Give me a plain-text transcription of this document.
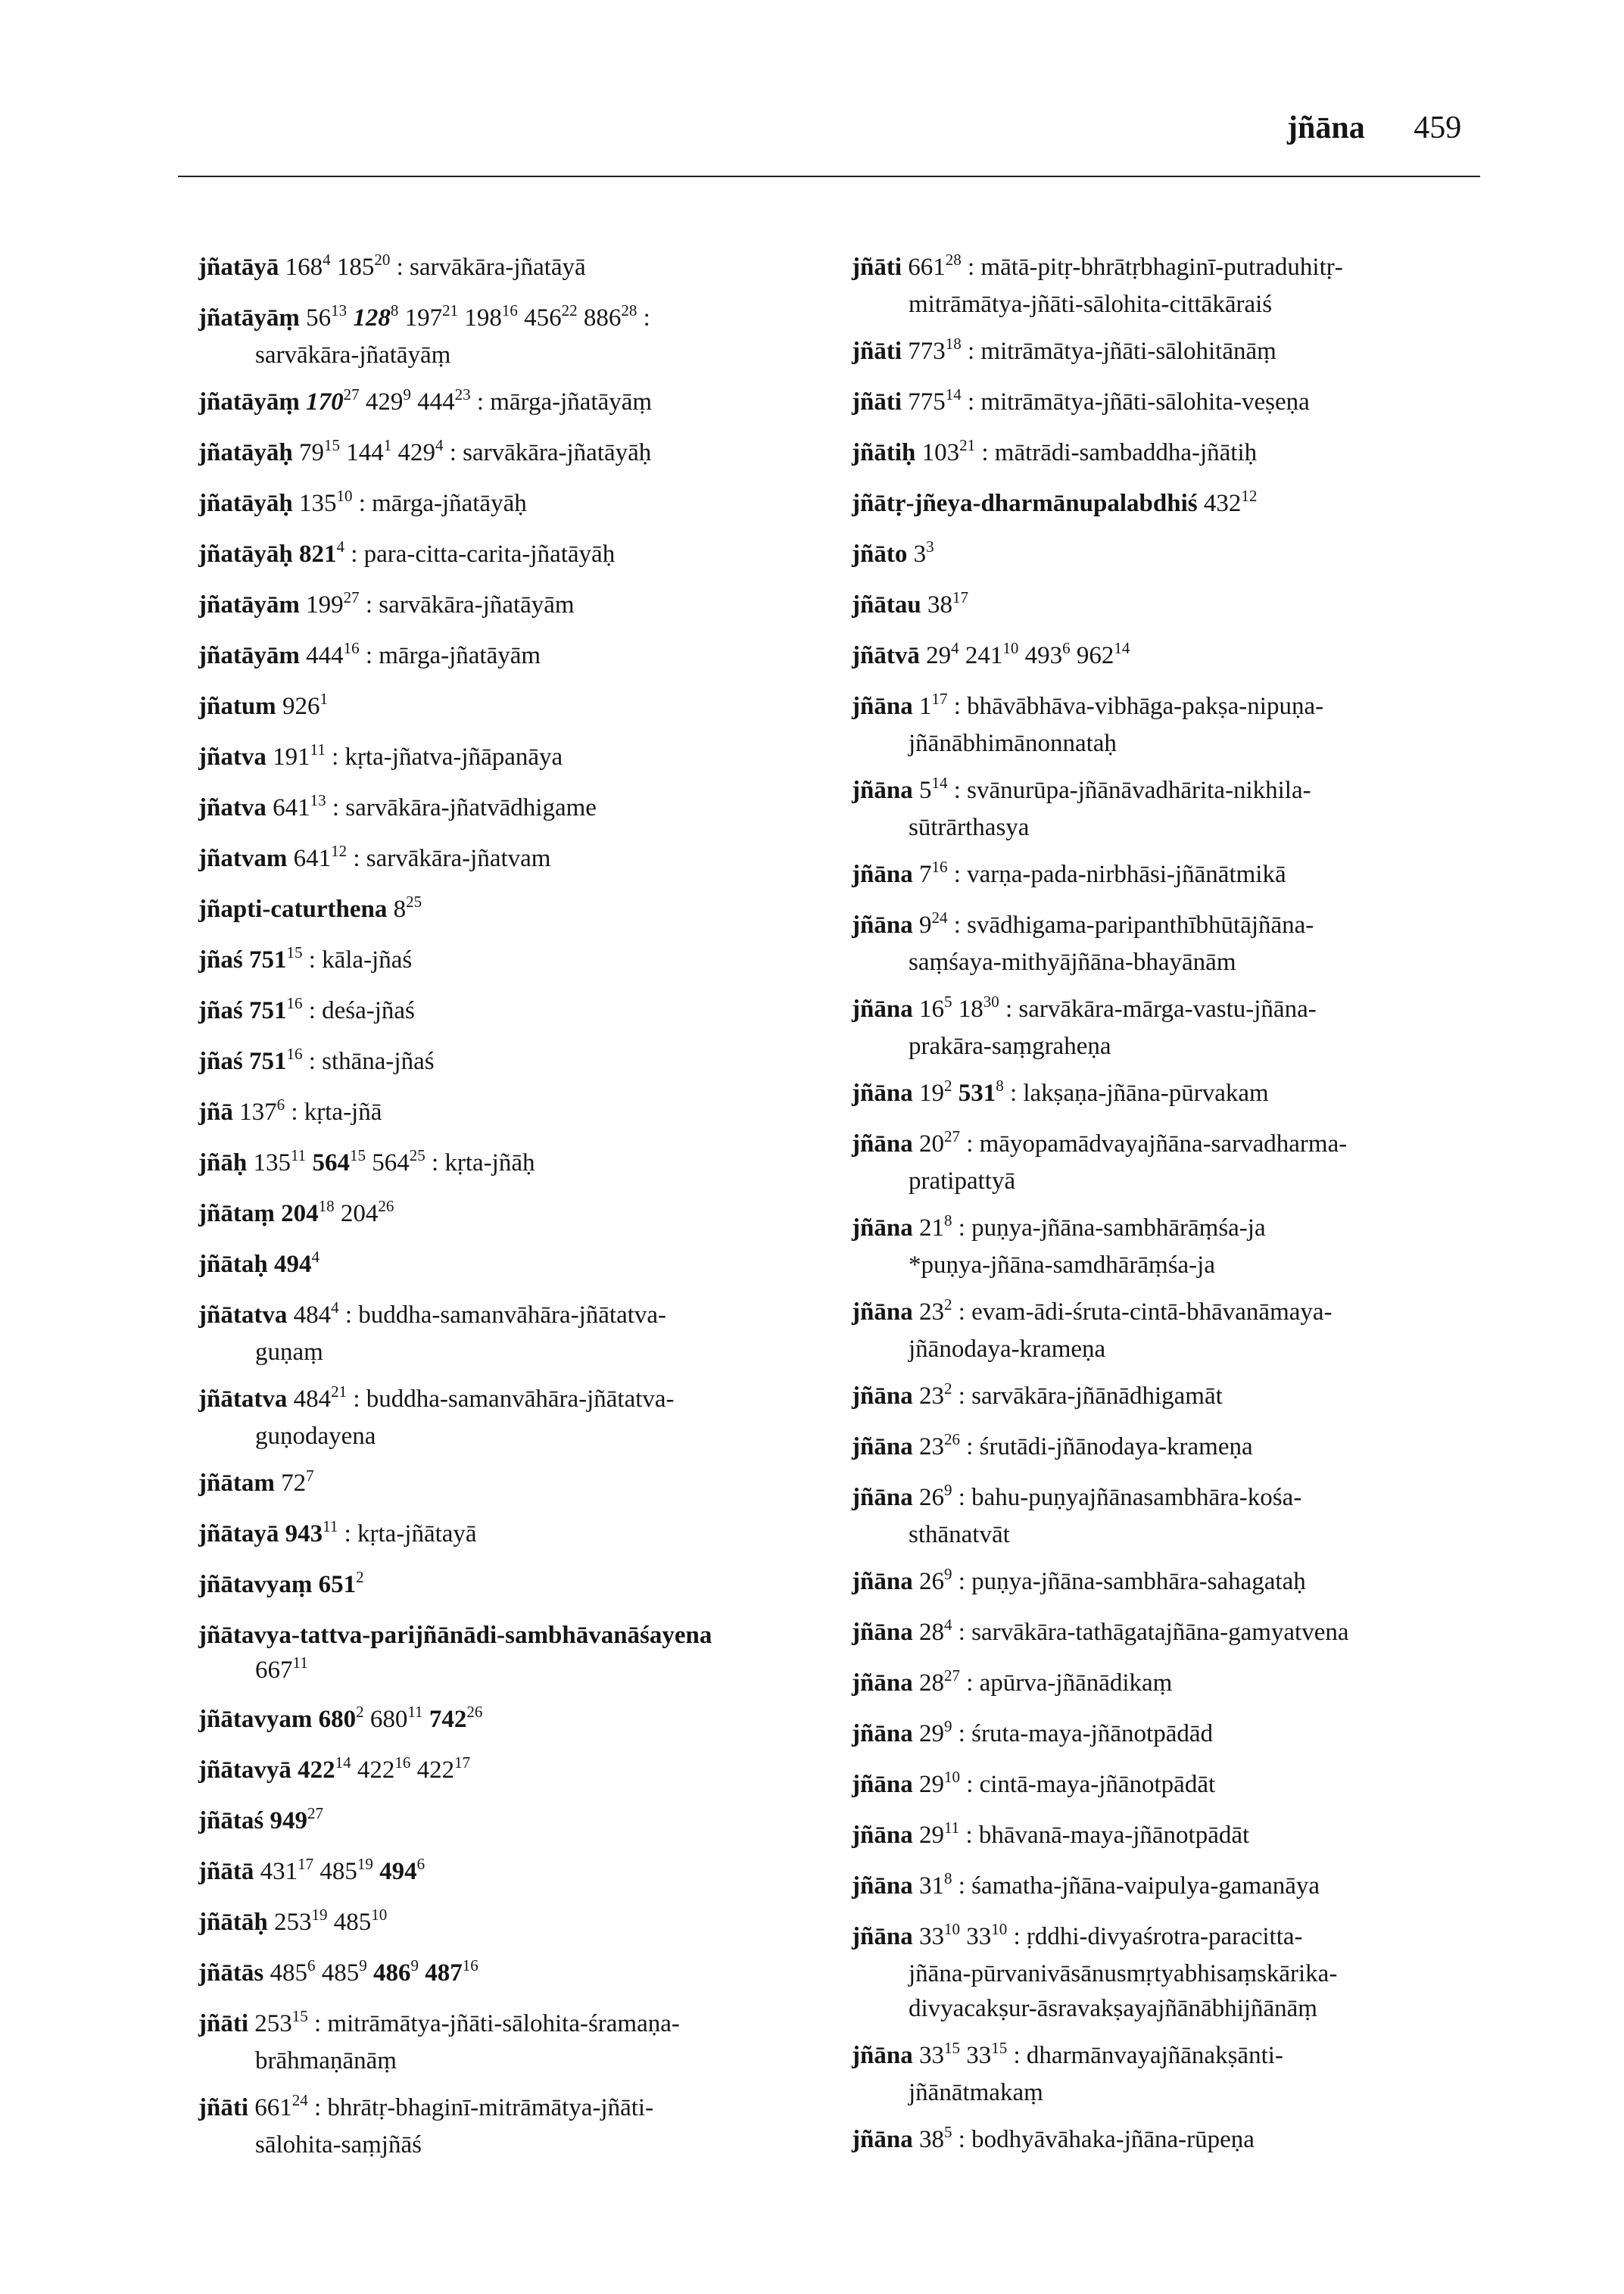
jñāna 459
jñatāyā $168^4$ $185^{20}$ : sarvākāra-jñatāyā
jñatāyāṃ $56^{13}$ $128^8$ $197^{21}$ $198^{16}$ $456^{22}$ $886^{28}$ :
sarvākāra-jñatāyāṃ
jñatāyāṃ $170^{27}$ $429^9$ $444^{23}$ : mārga-jñatāyāṃ
jñatāyāḥ $79^{15}$ $144^1$ $429^4$ : sarvākāra-jñatāyāḥ
jñatāyāḥ $135^{10}$ : mārga-jñatāyāḥ
jñatāyāḥ $821^4$ : para-citta-carita-jñatāyāḥ
jñatāyām $199^{27}$ : sarvākāra-jñatāyām
jñatāyām $444^{16}$ : mārga-jñatāyām
jñatum $926^1$
jñatva $191^{11}$ : kṛta-jñatva-jñāpanāya
jñatva $641^{13}$ : sarvākāra-jñatvādhigame
jñatvam $641^{12}$ : sarvākāra-jñatvam
jñapti-caturthena $8^{25}$
jñaś $751^{15}$ : kāla-jñaś
jñaś $751^{16}$ : deśa-jñaś
jñaś $751^{16}$ : sthāna-jñaś
jñā $137^6$ : kṛta-jñā
jñāḥ $135^{11}$ $564^{15}$ $564^{25}$ : kṛta-jñāḥ
jñātaṃ $204^{18}$ $204^{26}$
jñātaḥ $494^4$
jñātatva $484^4$ : buddha-samanvāhāra-jñātatva-
guṇaṃ
jñātatva $484^{21}$ : buddha-samanvāhāra-jñātatva-
guṇodayena
jñātam $72^7$
jñātayā $943^{11}$ : kṛta-jñātayā
jñātavyaṃ $651^2$
jñātavya-tattva-parijñānādi-sambhāvanāśayena
$667^{11}$
jñātavyam $680^2$ $680^{11}$ $742^{26}$
jñātavyā $422^{14}$ $422^{16}$ $422^{17}$
jñātaś $949^{27}$
jñātā $431^{17}$ $485^{19}$ $494^6$
jñātāḥ $253^{19}$ $485^{10}$
jñātās $485^6$ $485^9$ $486^9$ $487^{16}$
jñāti $253^{15}$ : mitrāmātya-jñāti-sālohita-śramaṇa-
brāhmaṇānāṃ
jñāti $661^{24}$ : bhrātṛ-bhaginī-mitrāmātya-jñāti-
sālohita-saṃjñāś
jñāti $661^{28}$ : mātā-pitṛ-bhrātṛbhaginī-putraduhitṛ-
mitrāmātya-jñāti-sālohita-cittākāraiś
jñāti $773^{18}$ : mitrāmātya-jñāti-sālohitānāṃ
jñāti $775^{14}$ : mitrāmātya-jñāti-sālohita-veṣeṇa
jñātiḥ $103^{21}$ : mātrādi-sambaddha-jñātiḥ
jñātṛ-jñeya-dharmānupalabdhiś $432^{12}$
jñāto $3^3$
jñātau $38^{17}$
jñātvā $29^4$ $241^{10}$ $493^6$ $962^{14}$
jñāna $1^{17}$ : bhāvābhāva-vibhāga-pakṣa-nipuṇa-
jñānābhimānonnataḥ
jñāna $5^{14}$ : svānurūpa-jñānāvadhārita-nikhila-
sūtrārthasya
jñāna $7^{16}$ : varṇa-pada-nirbhāsi-jñānātmikā
jñāna $9^{24}$ : svādhigama-paripanthībhūtājñāna-
saṃśaya-mithyājñāna-bhayānām
jñāna $16^5$ $18^{30}$ : sarvākāra-mārga-vastu-jñāna-
prakāra-saṃgraheṇa
jñāna $19^2$ $531^8$ : lakṣaṇa-jñāna-pūrvakam
jñāna $20^{27}$ : māyopamādvayajñāna-sarvadharma-
pratipattyā
jñāna $21^8$ : puṇya-jñāna-sambhārāṃśa-ja
*puṇya-jñāna-samdhārāṃśa-ja
jñāna $23^2$ : evam-ādi-śruta-cintā-bhāvanāmaya-
jñānodaya-krameṇa
jñāna $23^2$ : sarvākāra-jñānādhigamāt
jñāna $23^{26}$ : śrutādi-jñānodaya-krameṇa
jñāna $26^9$ : bahu-puṇyajñānasambhāra-kośa-
sthānatvāt
jñāna $26^9$ : puṇya-jñāna-sambhāra-sahagataḥ
jñāna $28^4$ : sarvākāra-tathāgatajñāna-gamyatvena
jñāna $28^{27}$ : apūrva-jñānādikaṃ
jñāna $29^9$ : śruta-maya-jñānotpādād
jñāna $29^{10}$ : cintā-maya-jñānotpādāt
jñāna $29^{11}$ : bhāvanā-maya-jñānotpādāt
jñāna $31^8$ : śamatha-jñāna-vaipulya-gamanāya
jñāna $33^{10}$ $33^{10}$ : ṛddhi-divyaśrotra-paracitta-
jñāna-pūrvanivāsānusmṛtyabhisaṃskārika-
divyacakṣur-āsravakṣayajñānābhijñānāṃ
jñāna $33^{15}$ $33^{15}$ : dharmānvayajñānakṣānti-
jñānātmakaṃ
jñāna $38^5$ : bodhyāvāhaka-jñāna-rūpeṇa
